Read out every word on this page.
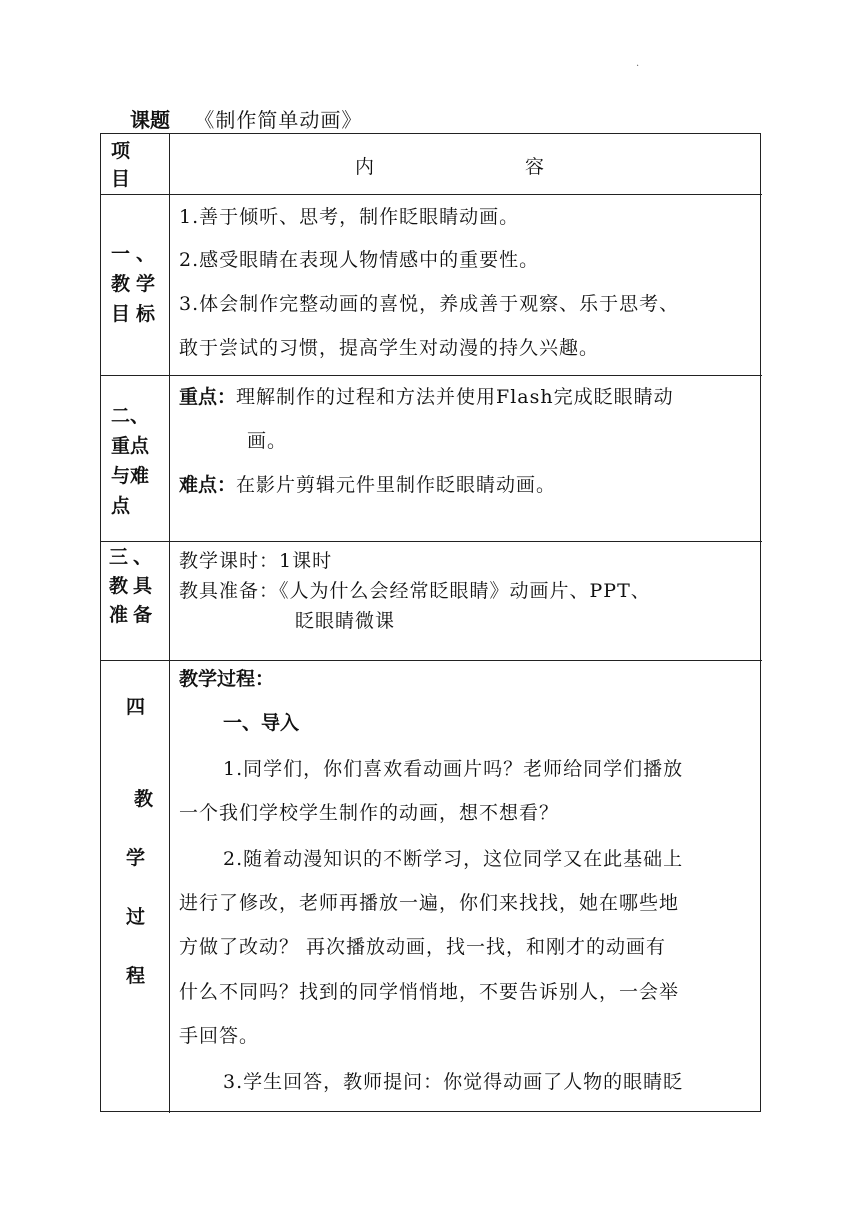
.
课题 《制作简单动画》
项
目
内	容
一、
教学
目标
1.善于倾听、思考，制作眨眼睛动画。
2.感受眼睛在表现人物情感中的重要性。
3.体会制作完整动画的喜悦，养成善于观察、乐于思考、
敢于尝试的习惯，提高学生对动漫的持久兴趣。
二、
重点
与难
点
重点：理解制作的过程和方法并使用Flash完成眨眼睛动
画。
难点：在影片剪辑元件里制作眨眼睛动画。
三、
教具
准备
教学课时：1课时
教具准备：《人为什么会经常眨眼睛》动画片、PPT、
眨眼睛微课
四
教
学
过
程
教学过程：
一、导入
1.同学们，你们喜欢看动画片吗？老师给同学们播放
一个我们学校学生制作的动画，想不想看？
2.随着动漫知识的不断学习，这位同学又在此基础上
进行了修改，老师再播放一遍，你们来找找，她在哪些地
方做了改动？ 再次播放动画，找一找，和刚才的动画有
什么不同吗？找到的同学悄悄地，不要告诉别人，一会举
手回答。
3.学生回答，教师提问：你觉得动画了人物的眼睛眨
